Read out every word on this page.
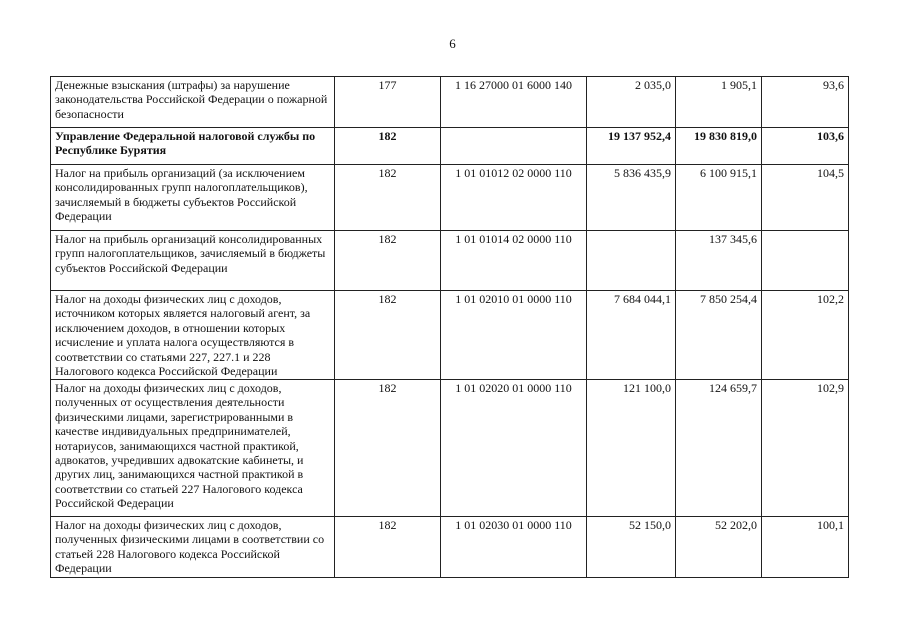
6
Денежные взыскания (штрафы) за нарушение законодательства Российской Федерации о пожарной безопасности	177	1 16 27000 01 6000 140	2 035,0	1 905,1	93,6
Управление Федеральной налоговой службы по Республике Бурятия	182		19 137 952,4	19 830 819,0	103,6
Налог на прибыль организаций (за исключением консолидированных групп налогоплательщиков), зачисляемый в бюджеты субъектов Российской Федерации	182	1 01 01012 02 0000 110	5 836 435,9	6 100 915,1	104,5
Налог на прибыль организаций консолидированных групп налогоплательщиков, зачисляемый в бюджеты субъектов Российской Федерации	182	1 01 01014 02 0000 110		137 345,6	
Налог на доходы физических лиц с доходов, источником которых является налоговый агент, за исключением доходов, в отношении которых исчисление и уплата налога осуществляются в соответствии со статьями 227, 227.1 и 228 Налогового кодекса Российской Федерации	182	1 01 02010 01 0000 110	7 684 044,1	7 850 254,4	102,2
Налог на доходы физических лиц с доходов, полученных от осуществления деятельности физическими лицами, зарегистрированными в качестве индивидуальных предпринимателей, нотариусов, занимающихся частной практикой, адвокатов, учредивших адвокатские кабинеты, и других лиц, занимающихся частной практикой в соответствии со статьей 227 Налогового кодекса Российской Федерации	182	1 01 02020 01 0000 110	121 100,0	124 659,7	102,9
Налог на доходы физических лиц с доходов, полученных физическими лицами в соответствии со статьей 228 Налогового кодекса Российской Федерации	182	1 01 02030 01 0000 110	52 150,0	52 202,0	100,1
